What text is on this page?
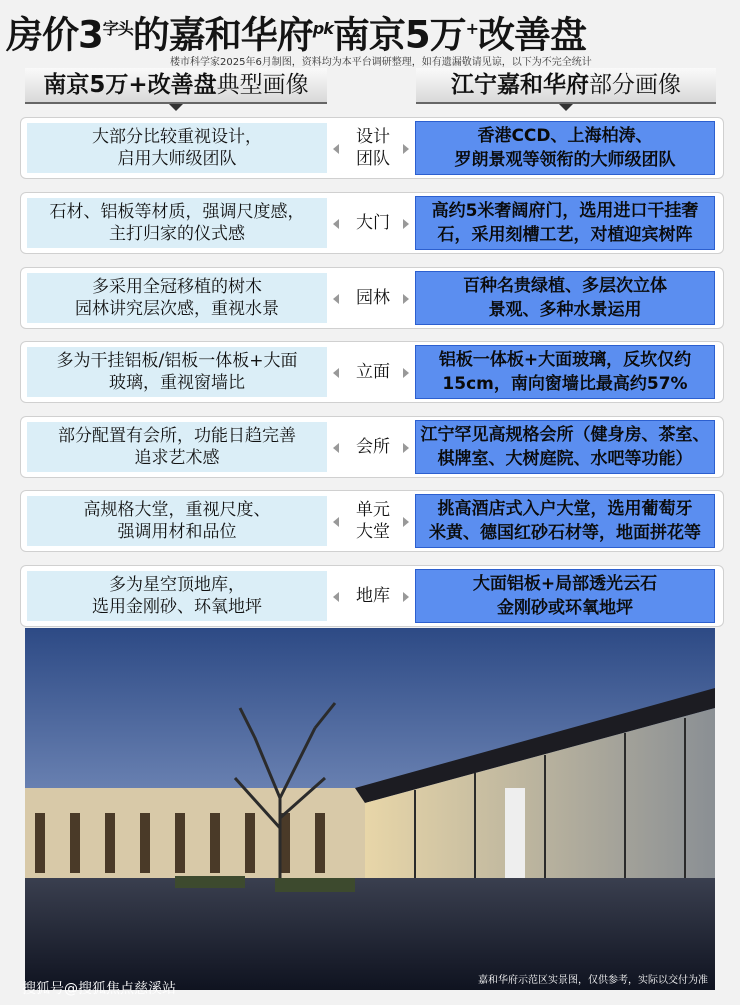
房价$3^{字头}$的嘉和华府$^{pk}$南京5万+改善盘
楼市科学家2025年6月制图，资料均为本平台调研整理，如有遗漏敬请见谅，以下为不完全统计
南京5万+改善盘典型画像	江宁嘉和华府部分画像
大部分比较重视设计，
启用大师级团队
设计
团队
香港CCD、上海柏涛、
罗朗景观等领衔的大师级团队
石材、铝板等材质，强调尺度感，
主打归家的仪式感
大门
高约5米奢阔府门，选用进口干挂奢
石，采用刻槽工艺，对植迎宾树阵
多采用全冠移植的树木
园林讲究层次感，重视水景
园林
百种名贵绿植、多层次立体
景观、多种水景运用
多为干挂铝板/铝板一体板+大面
玻璃，重视窗墙比
立面
铝板一体板+大面玻璃，反坎仅约
15cm，南向窗墙比最高约57%
部分配置有会所，功能日趋完善
追求艺术感
会所
江宁罕见高规格会所（健身房、茶室、
棋牌室、大树庭院、水吧等功能）
高规格大堂，重视尺度、
强调用材和品位
单元
大堂
挑高酒店式入户大堂，选用葡萄牙
米黄、德国红砂石材等，地面拼花等
多为星空顶地库，
选用金刚砂、环氧地坪
地库
大面铝板+局部透光云石
金刚砂或环氧地坪
嘉和华府示范区实景图，仅供参考，实际以交付为准
搜狐号@搜狐焦点慈溪站
